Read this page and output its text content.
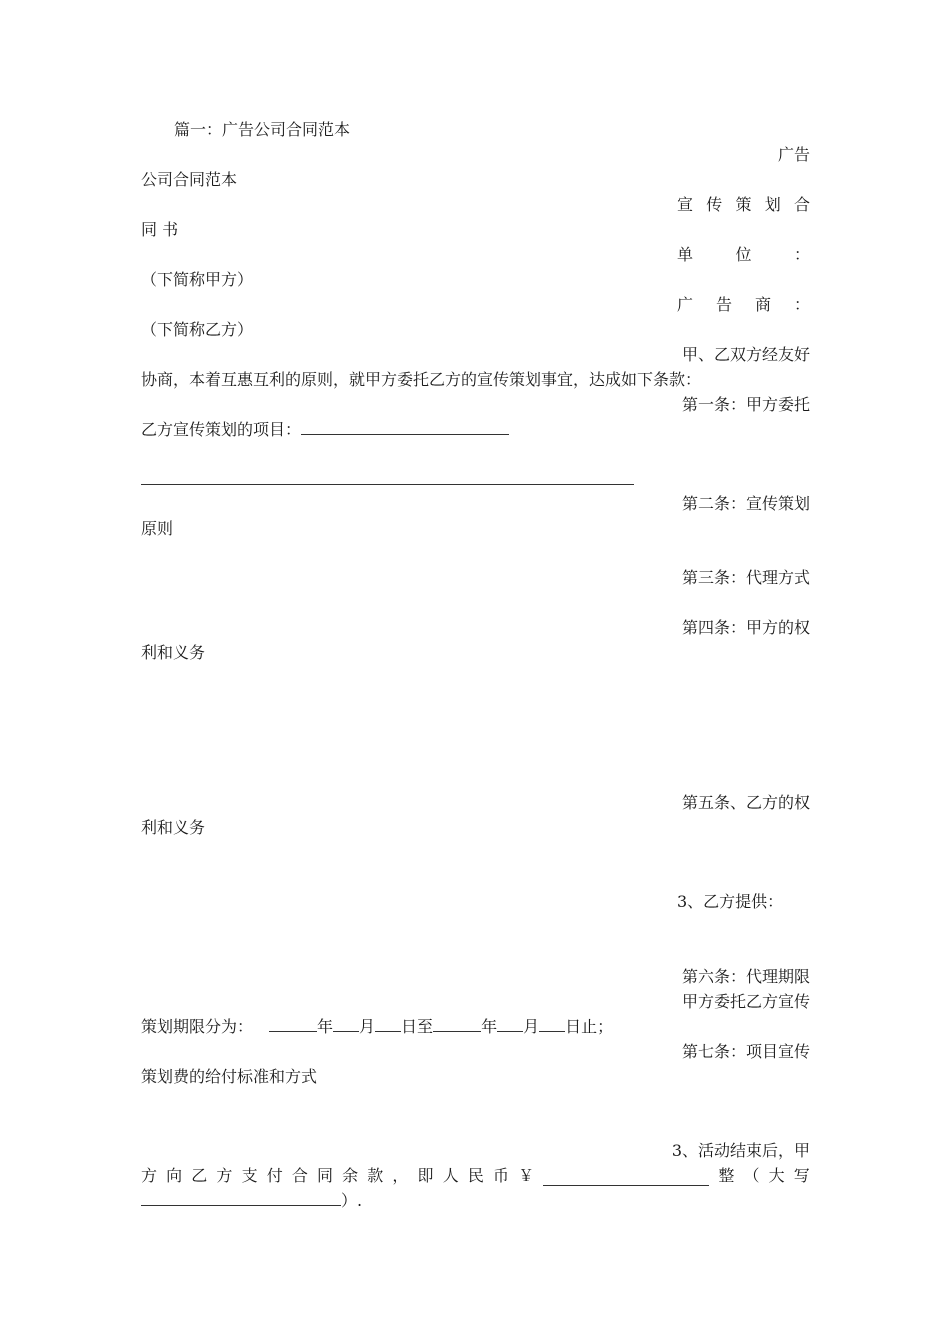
篇一：广告公司合同范本
广告
公司合同范本
宣 传 策 划 合
同 书
单	位	：
（下简称甲方）
广 告 商 ：
（下简称乙方）
甲、乙双方经友好
协商，本着互惠互利的原则，就甲方委托乙方的宣传策划事宜，达成如下条款：
第一条：甲方委托
乙方宣传策划的项目：
第二条：宣传策划
原则
第三条：代理方式
第四条：甲方的权
利和义务
第五条、乙方的权
利和义务
3、乙方提供：
第六条：代理期限
甲方委托乙方宣传
策划期限分为：	年 月 日至	年 月 日止；
第七条：项目宣传
策划费的给付标准和方式
3、活动结束后，甲
方 向 乙 方 支 付 合 同 余 款 ， 即 人 民 币 ￥	整 （ 大 写
）.
